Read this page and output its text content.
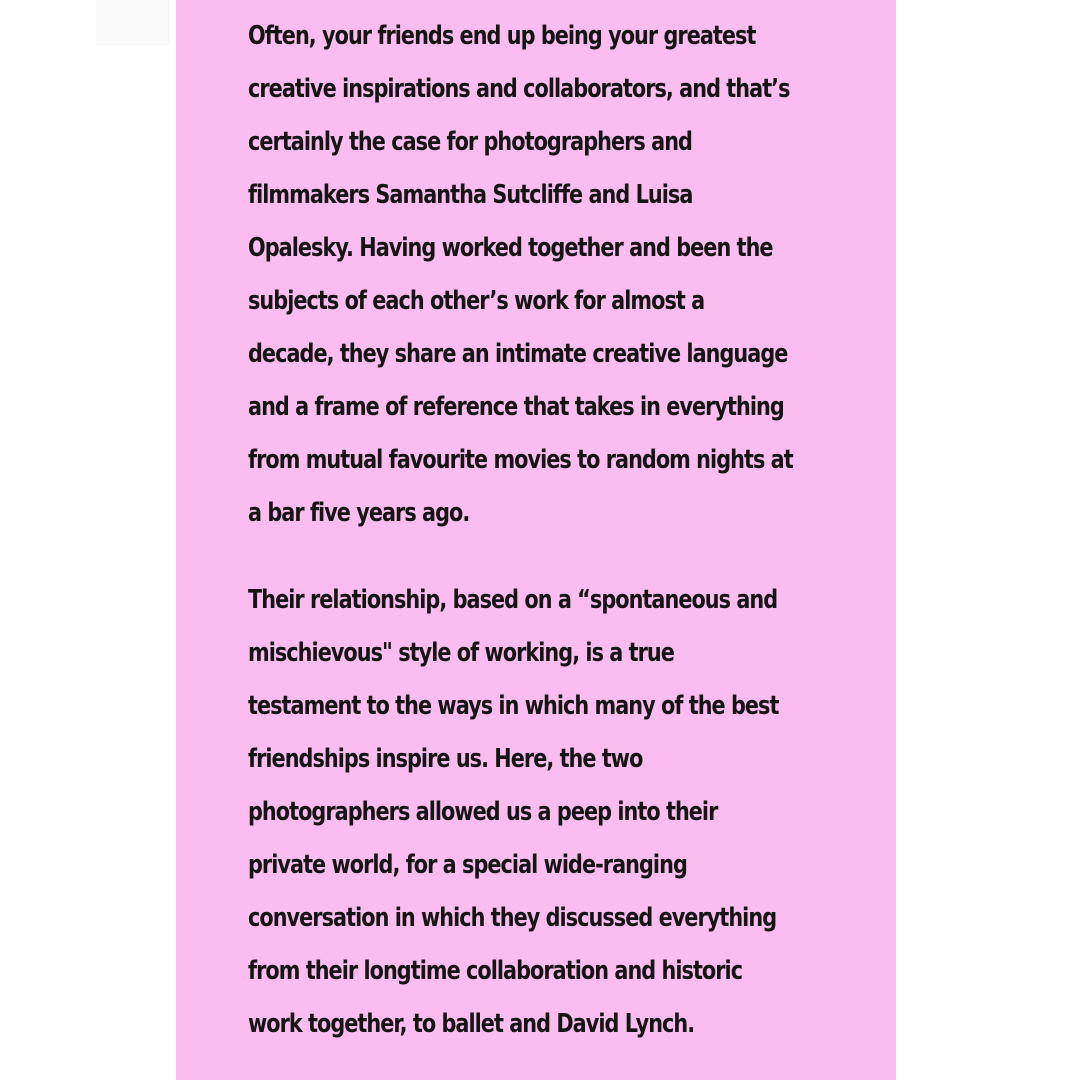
Often, your friends end up being your greatest
creative inspirations and collaborators, and that’s
certainly the case for photographers and
filmmakers Samantha Sutcliffe and Luisa
Opalesky. Having worked together and been the
subjects of each other’s work for almost a
decade, they share an intimate creative language
and a frame of reference that takes in everything
from mutual favourite movies to random nights at
a bar five years ago.
Their relationship, based on a “spontaneous and
mischievous" style of working, is a true
testament to the ways in which many of the best
friendships inspire us. Here, the two
photographers allowed us a peep into their
private world, for a special wide-ranging
conversation in which they discussed everything
from their longtime collaboration and historic
work together, to ballet and David Lynch.
